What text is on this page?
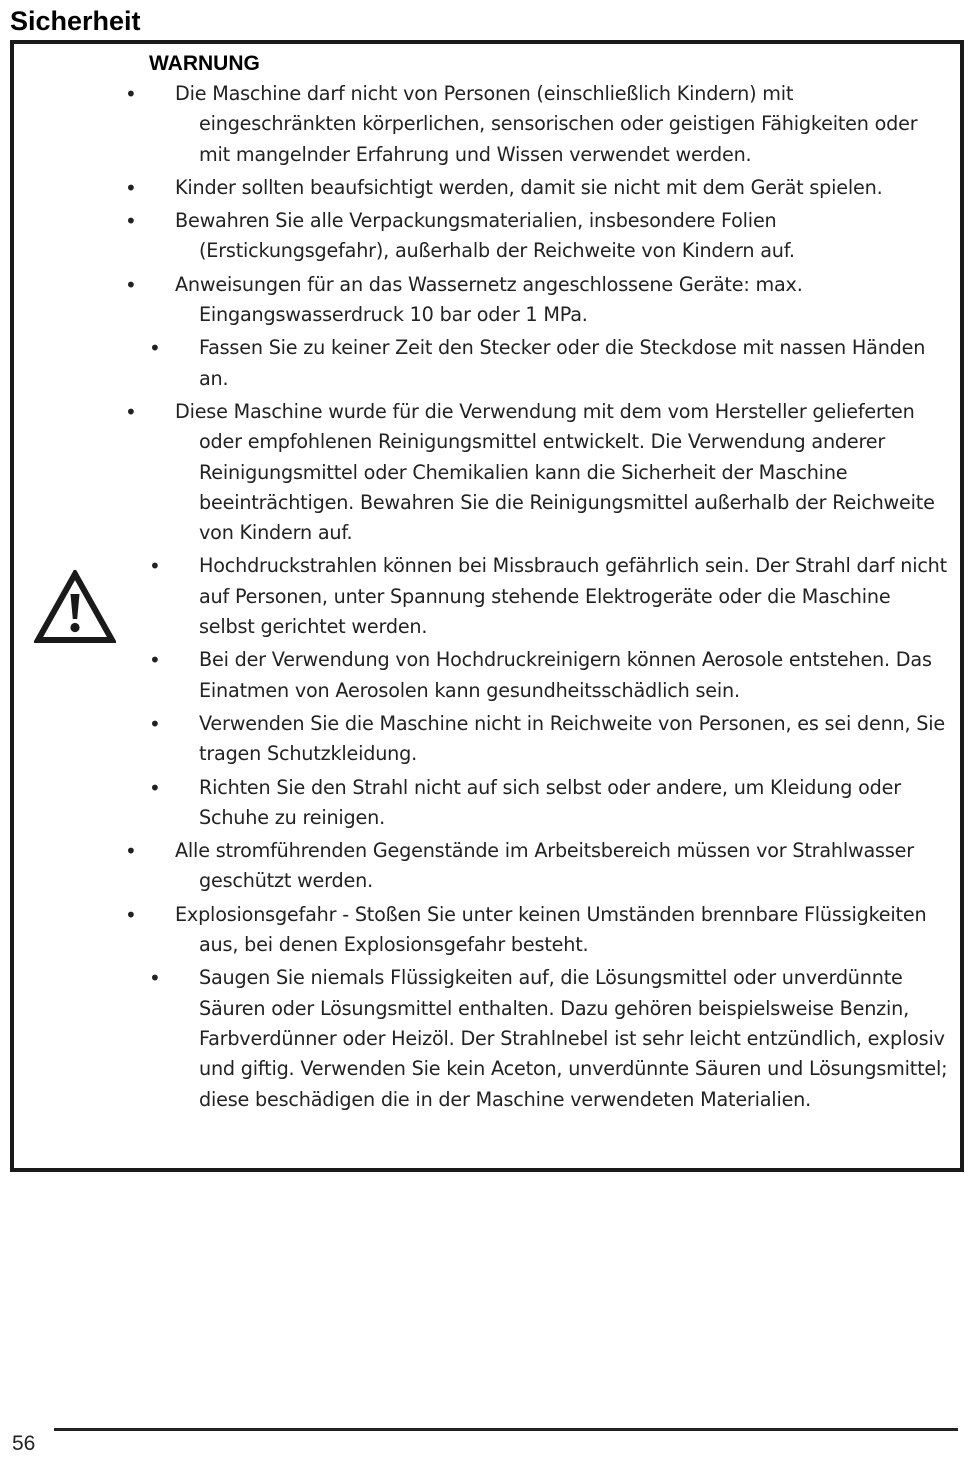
Sicherheit
WARNUNG
•	Die Maschine darf nicht von Personen (einschließlich Kindern) mit eingeschränkten körperlichen, sensorischen oder geistigen Fähigkeiten oder mit mangelnder Erfahrung und Wissen verwendet werden.
•	Kinder sollten beaufsichtigt werden, damit sie nicht mit dem Gerät spielen.
•	Bewahren Sie alle Verpackungsmaterialien, insbesondere Folien (Erstickungsgefahr), außerhalb der Reichweite von Kindern auf.
•	Anweisungen für an das Wassernetz angeschlossene Geräte: max. Eingangswasserdruck 10 bar oder 1 MPa.
•	Fassen Sie zu keiner Zeit den Stecker oder die Steckdose mit nassen Händen an.
•	Diese Maschine wurde für die Verwendung mit dem vom Hersteller gelieferten oder empfohlenen Reinigungsmittel entwickelt. Die Verwendung anderer Reinigungsmittel oder Chemikalien kann die Sicherheit der Maschine beeinträchtigen. Bewahren Sie die Reinigungsmittel außerhalb der Reichweite von Kindern auf.
•	Hochdruckstrahlen können bei Missbrauch gefährlich sein. Der Strahl darf nicht auf Personen, unter Spannung stehende Elektrogeräte oder die Maschine selbst gerichtet werden.
•	Bei der Verwendung von Hochdruckreinigern können Aerosole entstehen. Das Einatmen von Aerosolen kann gesundheitsschädlich sein.
•	Verwenden Sie die Maschine nicht in Reichweite von Personen, es sei denn, Sie tragen Schutzkleidung.
•	Richten Sie den Strahl nicht auf sich selbst oder andere, um Kleidung oder Schuhe zu reinigen.
•	Alle stromführenden Gegenstände im Arbeitsbereich müssen vor Strahlwasser geschützt werden.
•	Explosionsgefahr - Stoßen Sie unter keinen Umständen brennbare Flüssigkeiten aus, bei denen Explosionsgefahr besteht.
•	Saugen Sie niemals Flüssigkeiten auf, die Lösungsmittel oder unverdünnte Säuren oder Lösungsmittel enthalten. Dazu gehören beispielsweise Benzin, Farbverdünner oder Heizöl. Der Strahlnebel ist sehr leicht entzündlich, explosiv und giftig. Verwenden Sie kein Aceton, unverdünnte Säuren und Lösungsmittel; diese beschädigen die in der Maschine verwendeten Materialien.
56
